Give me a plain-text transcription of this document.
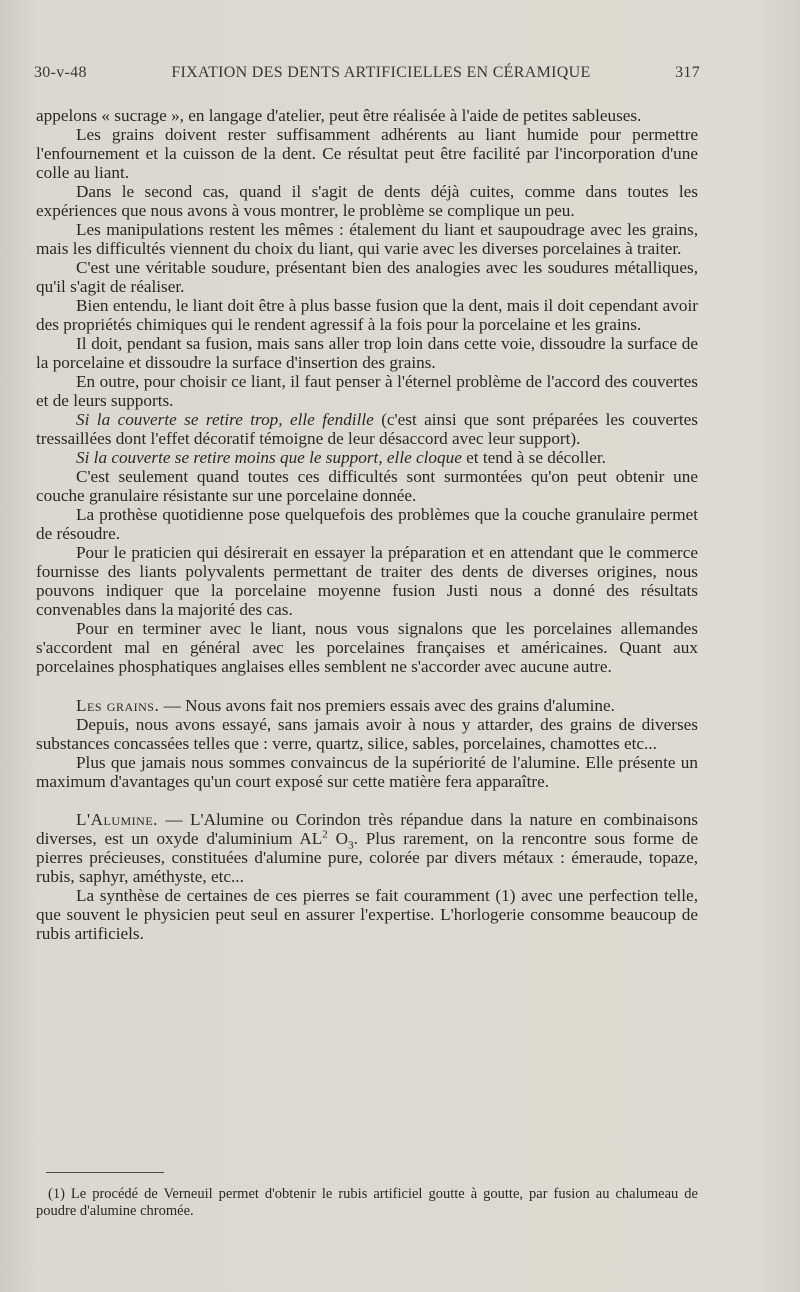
30-v-48	FIXATION DES DENTS ARTIFICIELLES EN CÉRAMIQUE	317

appelons « sucrage », en langage d'atelier, peut être réalisée à l'aide de petites sableuses.

Les grains doivent rester suffisamment adhérents au liant humide pour permettre l'enfournement et la cuisson de la dent. Ce résultat peut être facilité par l'incorporation d'une colle au liant.

Dans le second cas, quand il s'agit de dents déjà cuites, comme dans toutes les expériences que nous avons à vous montrer, le problème se complique un peu.

Les manipulations restent les mêmes : étalement du liant et saupoudrage avec les grains, mais les difficultés viennent du choix du liant, qui varie avec les diverses porcelaines à traiter.

C'est une véritable soudure, présentant bien des analogies avec les soudures métalliques, qu'il s'agit de réaliser.

Bien entendu, le liant doit être à plus basse fusion que la dent, mais il doit cependant avoir des propriétés chimiques qui le rendent agressif à la fois pour la porcelaine et les grains.

Il doit, pendant sa fusion, mais sans aller trop loin dans cette voie, dissoudre la surface de la porcelaine et dissoudre la surface d'insertion des grains.

En outre, pour choisir ce liant, il faut penser à l'éternel problème de l'accord des couvertes et de leurs supports.

Si la couverte se retire trop, elle fendille (c'est ainsi que sont préparées les couvertes tressaillées dont l'effet décoratif témoigne de leur désaccord avec leur support).

Si la couverte se retire moins que le support, elle cloque et tend à se décoller.

C'est seulement quand toutes ces difficultés sont surmontées qu'on peut obtenir une couche granulaire résistante sur une porcelaine donnée.

La prothèse quotidienne pose quelquefois des problèmes que la couche granulaire permet de résoudre.

Pour le praticien qui désirerait en essayer la préparation et en attendant que le commerce fournisse des liants polyvalents permettant de traiter des dents de diverses origines, nous pouvons indiquer que la porcelaine moyenne fusion Justi nous a donné des résultats convenables dans la majorité des cas.

Pour en terminer avec le liant, nous vous signalons que les porcelaines allemandes s'accordent mal en général avec les porcelaines françaises et américaines. Quant aux porcelaines phosphatiques anglaises elles semblent ne s'accorder avec aucune autre.

Les grains. — Nous avons fait nos premiers essais avec des grains d'alumine.

Depuis, nous avons essayé, sans jamais avoir à nous y attarder, des grains de diverses substances concassées telles que : verre, quartz, silice, sables, porcelaines, chamottes etc...

Plus que jamais nous sommes convaincus de la supériorité de l'alumine. Elle présente un maximum d'avantages qu'un court exposé sur cette matière fera apparaître.

L'Alumine. — L'Alumine ou Corindon très répandue dans la nature en combinaisons diverses, est un oxyde d'aluminium $AL^2$ $O_3$. Plus rarement, on la rencontre sous forme de pierres précieuses, constituées d'alumine pure, colorée par divers métaux : émeraude, topaze, rubis, saphyr, améthyste, etc...

La synthèse de certaines de ces pierres se fait couramment (1) avec une perfection telle, que souvent le physicien peut seul en assurer l'expertise. L'horlogerie consomme beaucoup de rubis artificiels.

(1) Le procédé de Verneuil permet d'obtenir le rubis artificiel goutte à goutte, par fusion au chalumeau de poudre d'alumine chromée.
